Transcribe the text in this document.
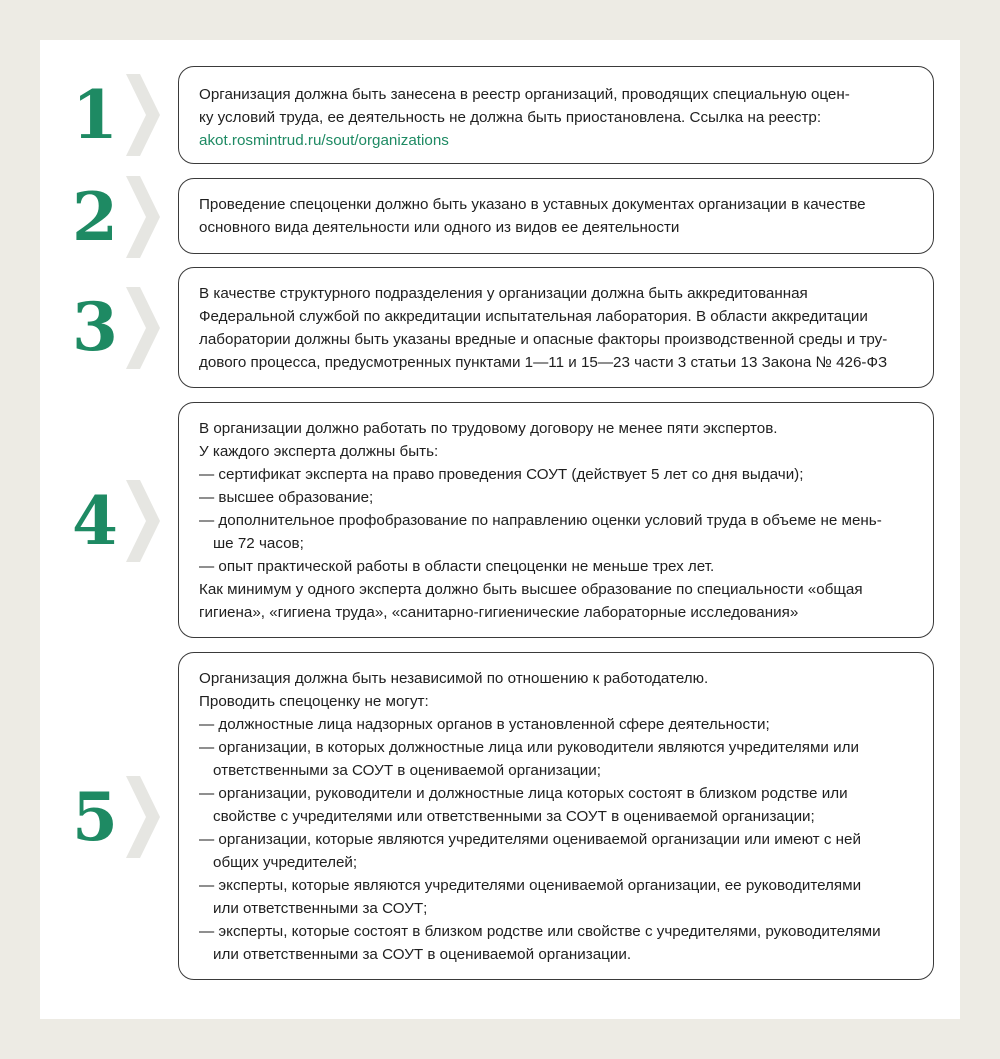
1	Организация должна быть занесена в реестр организаций, проводящих специальную оцен-

ку условий труда, ее деятельность не должна быть приостановлена. Ссылка на реестр:

akot.rosmintrud.ru/sout/organizations

2	Проведение спецоценки должно быть указано в уставных документах организации в качестве

основного вида деятельности или одного из видов ее деятельности

3	В качестве структурного подразделения у организации должна быть аккредитованная

Федеральной службой по аккредитации испытательная лаборатория. В области аккредитации

лаборатории должны быть указаны вредные и опасные факторы производственной среды и тру-

дового процесса, предусмотренных пунктами 1—11 и 15—23 части 3 статьи 13 Закона № 426-ФЗ

4

В организации должно работать по трудовому договору не менее пяти экспертов.

У каждого эксперта должны быть:

— сертификат эксперта на право проведения СОУТ (действует 5 лет со дня выдачи);

— высшее образование;

— дополнительное профобразование по направлению оценки условий труда в объеме не мень-

ше 72 часов;

— опыт практической работы в области спецоценки не меньше трех лет.

Как минимум у одного эксперта должно быть высшее образование по специальности «общая

гигиена», «гигиена труда», «санитарно-гигиенические лабораторные исследования»

5

Организация должна быть независимой по отношению к работодателю.

Проводить спецоценку не могут:

— должностные лица надзорных органов в установленной сфере деятельности;

— организации, в которых должностные лица или руководители являются учредителями или

ответственными за СОУТ в оцениваемой организации;

— организации, руководители и должностные лица которых состоят в близком родстве или

свойстве с учредителями или ответственными за СОУТ в оцениваемой организации;

— организации, которые являются учредителями оцениваемой организации или имеют с ней

общих учредителей;

— эксперты, которые являются учредителями оцениваемой организации, ее руководителями

или ответственными за СОУТ;

— эксперты, которые состоят в близком родстве или свойстве с учредителями, руководителями

или ответственными за СОУТ в оцениваемой организации.
